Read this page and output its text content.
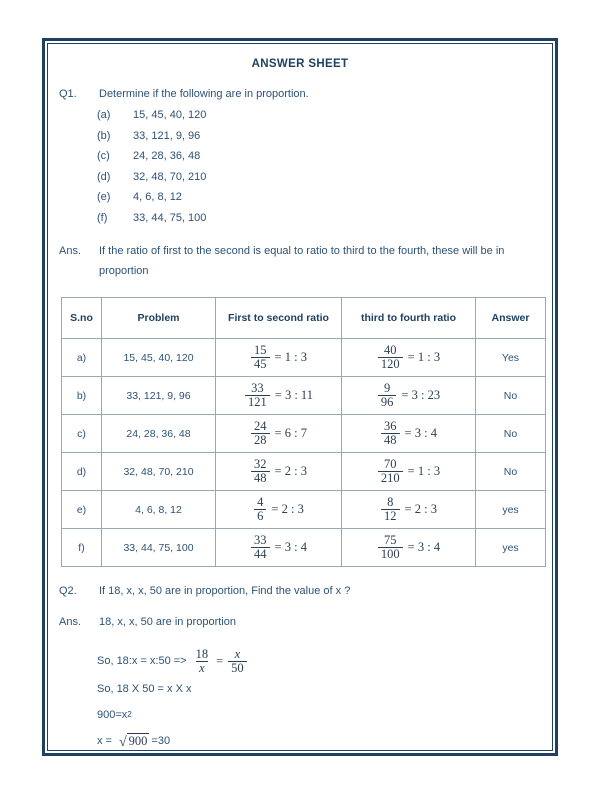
ANSWER SHEET
Q1.	Determine if the following are in proportion.
(a)	15, 45, 40, 120
(b)	33, 121, 9, 96
(c)	24, 28, 36, 48
(d)	32, 48, 70, 210
(e)	4, 6, 8, 12
(f)	33, 44, 75, 100
Ans.	If the ratio of first to the second is equal to ratio to third to the fourth, these will be in proportion
S.no	Problem	First to second ratio	third to fourth ratio	Answer
a)	15, 45, 40, 120	$\frac{15}{45} = 1$ : 3	$\frac{40}{120} = 1$ : 3	Yes
b)	33, 121, 9, 96	$\frac{33}{121} = 3$ : 11	$\frac{9}{96} = 3$ : 23	No
c)	24, 28, 36, 48	$\frac{24}{28} = 6$ : 7	$\frac{36}{48} = 3$ : 4	No
d)	32, 48, 70, 210	$\frac{32}{48} = 2$ : 3	$\frac{70}{210} = 1$ : 3	No
e)	4, 6, 8, 12	$\frac{4}{6} = 2$ : 3	$\frac{8}{12} = 2$ : 3	yes
f)	33, 44, 75, 100	$\frac{33}{44} = 3$ : 4	$\frac{75}{100} = 3$ : 4	yes
Q2.	If 18, x, x, 50 are in proportion, Find the value of x ?
Ans.	18, x, x, 50 are in proportion
So, 18:x = x:50 => $\frac{18}{x} = \frac{x}{50}$
So, 18 X 50 = x X x
900=x 2
x = √ 900 =30
